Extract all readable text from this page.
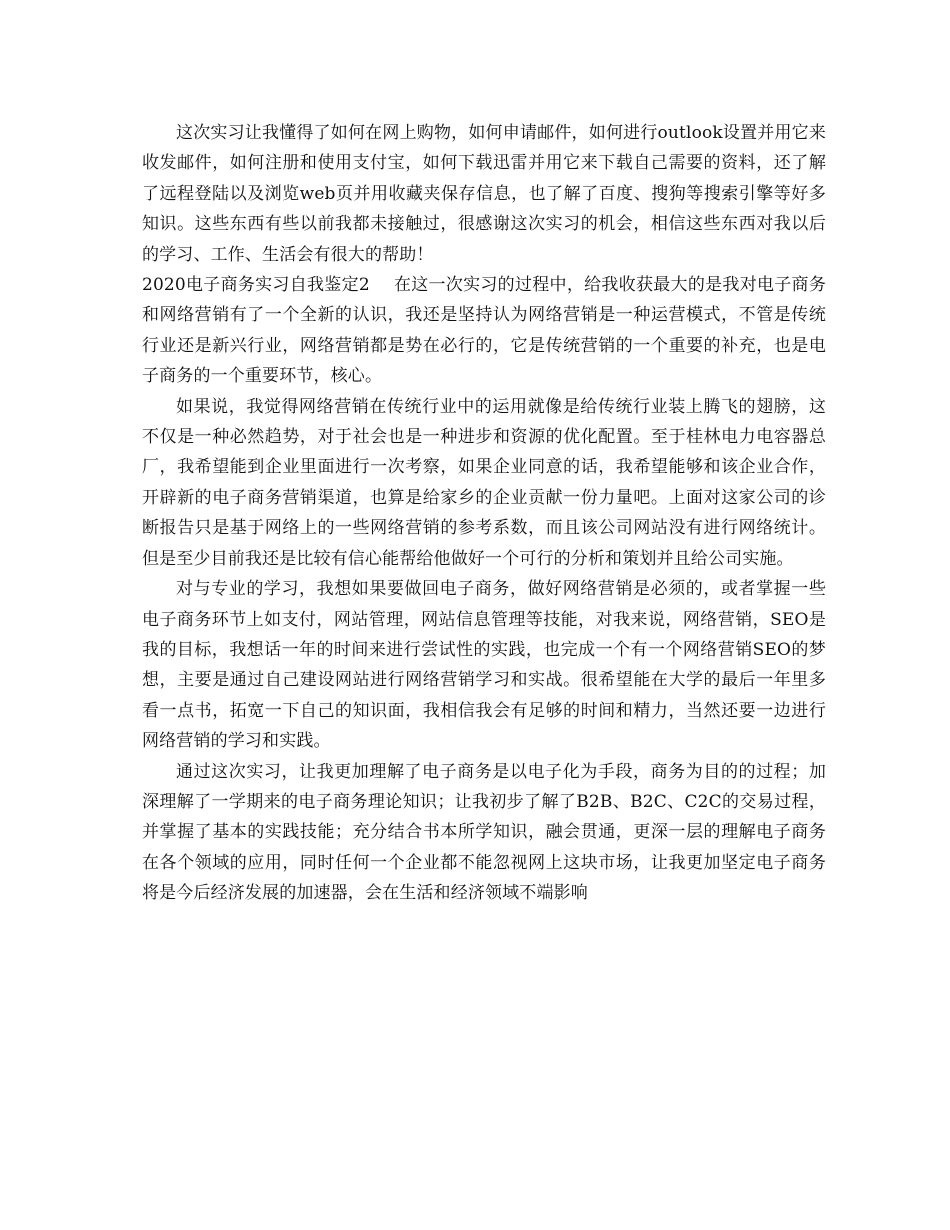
这次实习让我懂得了如何在网上购物，如何申请邮件，如何进行outlook设置并用它来收发邮件，如何注册和使用支付宝，如何下载迅雷并用它来下载自己需要的资料，还了解了远程登陆以及浏览web页并用收藏夹保存信息，也了解了百度、搜狗等搜索引擎等好多知识。这些东西有些以前我都未接触过，很感谢这次实习的机会，相信这些东西对我以后的学习、工作、生活会有很大的帮助！

2020电子商务实习自我鉴定2 在这一次实习的过程中，给我收获最大的是我对电子商务和网络营销有了一个全新的认识，我还是坚持认为网络营销是一种运营模式，不管是传统行业还是新兴行业，网络营销都是势在必行的，它是传统营销的一个重要的补充，也是电子商务的一个重要环节，核心。

如果说，我觉得网络营销在传统行业中的运用就像是给传统行业装上腾飞的翅膀，这不仅是一种必然趋势，对于社会也是一种进步和资源的优化配置。至于桂林电力电容器总厂，我希望能到企业里面进行一次考察，如果企业同意的话，我希望能够和该企业合作，开辟新的电子商务营销渠道，也算是给家乡的企业贡献一份力量吧。上面对这家公司的诊断报告只是基于网络上的一些网络营销的参考系数，而且该公司网站没有进行网络统计。但是至少目前我还是比较有信心能帮给他做好一个可行的分析和策划并且给公司实施。

对与专业的学习，我想如果要做回电子商务，做好网络营销是必须的，或者掌握一些电子商务环节上如支付，网站管理，网站信息管理等技能，对我来说，网络营销，SEO是我的目标，我想话一年的时间来进行尝试性的实践，也完成一个有一个网络营销SEO的梦想，主要是通过自己建设网站进行网络营销学习和实战。很希望能在大学的最后一年里多看一点书，拓宽一下自己的知识面，我相信我会有足够的时间和精力，当然还要一边进行网络营销的学习和实践。

通过这次实习，让我更加理解了电子商务是以电子化为手段，商务为目的的过程；加深理解了一学期来的电子商务理论知识；让我初步了解了B2B、B2C、C2C的交易过程，并掌握了基本的实践技能；充分结合书本所学知识，融会贯通，更深一层的理解电子商务在各个领域的应用，同时任何一个企业都不能忽视网上这块市场，让我更加坚定电子商务将是今后经济发展的加速器，会在生活和经济领域不端影响
